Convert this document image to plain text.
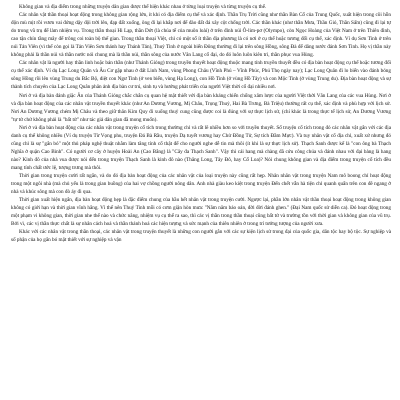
Không gian và địa điểm trong những truyện dân gian được thể hiện khác nhau ở từng loại truyện và từng truyện cụ thể.

Các nhân vật thần thoại hoạt động trong không gian rộng lớn, ít khi có địa điểm cụ thể và xác định. Thần Trụ Trời cũng như thần Bàn Cổ của Trung Quốc, xuất hiện trong cõi hỗn độn mù mịt rồi vươn vai đứng dậy đội trời lên, đạp đất xuống, ông đi lại khắp nơi để đào đất đá xây cột chống trời. Các thần khác (như thần Mưa, Thần Gió, Thần Sấm) cũng đi lại tự do trong vũ trụ để làm nhiệm vụ. Trong thần thoại Hi Lạp, thần Dớt (là chúa tể của muôn loài) ở trên đỉnh núi Ô-lim-pơ (Olympo), còn Ngọc Hoàng của Việt Nam ở trên Thiên đình, cao tận chín tầng mây để trông coi toàn bộ thế gian. Trong thần thoại Việt, chỉ có một số ít thần địa phương là có nơi ở cụ thể hoặc tương đối cụ thể, xác định. Ví dụ Sơn Tinh ở trên núi Tản Viên (vì thế còn gọi là Tản Viên Sơn thánh hay Thánh Tản), Thuỷ Tinh ở ngoài biển Đông thường đi lại trên sông Hồng, sông Đà để dâng nước đánh Sơn Tinh. Họ vị thần này không phải là thần núi và thần nước nói chung mà là thần núi, thần sông của nước Văn Lang cổ đại, do đó luôn luôn kiên trì, thần phục vua Hùng.

Các nhân vật là người hay thần linh hoặc bán thần (như Thánh Gióng) trong truyền thuyết hoạt động thuộc mang tính truyền thuyết đều có địa bàn hoạt động cụ thể hoặc tương đối cụ thể xác định. Ví dụ Lạc Long Quân và Âu Cơ gặp nhau ở đất Linh Nam, vùng Phong Châu (Vĩnh Phú – Vĩnh Phúc, Phú Thọ ngày nay); Lạc Long Quân đi lo biển vào đánh bóng sông Hồng rồi lên vùng Trung du Bắc Bộ, diệt con Ngư Tinh (ở ven biển, vùng Hạ Long), con Hồ Tinh (ở vùng Hồ Tây) và con Mộc Tinh (ở vùng Trung du). Địa bàn hoạt động và sự thành tích chuyên của Lạc Long Quân phân ảnh địa bàn cư trú, sinh tụ và hướng phát triển của người Việt thời cổ đại nhiều nơi.

Nơi ở và địa bàn đánh giặc Ân của Thánh Gióng chắc chắn cụ quan hệ mật thiết với địa bàn kháng chiến chống xâm lược của người Việt thời Văn Lang của các vua Hùng. Nơi ở và địa bàn hoạt động của các nhân vật truyền thuyết khác (như An Dương Vương, Mị Châu, Trọng Thuỷ, Hai Bà Trưng, Bà Triệu) thường rất cụ thể, xác định và phù hợp với lịch sử. Nơi An Dương Vương chém Mị Châu và theo giữ thân Kim Quy đi xuống thuỷ cung cũng được coi là đúng với sự thực lịch sử, (chí khác là trong thực tế lịch sử, An Dương Vương "tự tử chứ không phải là "bất tử" như tác giả dân gian đã mong muốn).

Nơi ở và địa bàn hoạt động của các nhân vật trong truyện cổ tích trong thường chỉ và rất lẽ nhiều hơn so với truyền thuyết. Số truyện cổ tích trong đó các nhân vật gắn với các địa danh cụ thể không nhiều (Ví dụ truyện Từ Vọng phu, truyện Đá Bà Rầu, truyện Dạ tuyết vương hay Chử Đồng Tử, Sự tích Đầm Mực). Và tuy nhân vật cổ địa chỉ, xuất xứ nhưng đó cũng chỉ là sự "gắn bó" một thủ pháp nghệ thuật nhằm làm tăng tính cổ thật để cho người nghe dễ tin mà thôi (ít khi là sự thực lịch sử). Thạch Sanh được kể là "con ông bà Thạch Nghĩa ở quận Cao Bình". Có người cơ cây ở huyện Hoài An (Cao Bằng) là "Cây đa Thạch Sanh". Vậy thì cái hang mà chàng đã cứu công chúa và đánh nhau với đại bàng là hang nào? Kinh đô của nhà vua được nói đến trong truyện Thạch Sanh là kinh đô nào (Thăng Long, Tây Đô, hay Cổ Loa)? Nói chung không gian và địa điểm trong truyện cổ tích đều mang tính chất ước lệ, tượng trưng mà thôi.

Thời gian trong truyện cười rất ngắn, và do đó địa bàn hoạt động của các nhân vật của loại truyện này cũng rất hẹp. Nhân nhân vật trong truyện Nam mô boong chỉ hoạt động trong một ngôi nhà (mà chủ yếu là trong gian buồng) của hai vợ chồng người nông dân. Anh nhà giàu keo kiệt trong truyện Đến chết vẫn hà tiện chỉ quanh quẩn trên con đê ngang ở nhà và khúc sông mà con đò áy đi qua.

Thời gian xuất hiện ngắn, địa bàn hoạt động hẹp là đặc điểm chung của hầu hết nhân vật trong truyện cười. Ngược lại, phần lớn nhân vật thần thoại hoạt động trong không gian không có giới hạn và thời gian vĩnh hằng. Vì thế nên Thuỷ Tinh mỗi có cơm giận hòn mưa: "Năm năm báo oán, đời đời đánh ghen." (Đại Nam quốc sử diễn ca). Đó hoạt động trong một phạm vi không gian, thời gian nhe thế nào và chức năng, nhiệm vụ cụ thể ra sao, thì các vị thần trong thần thoại cũng bất tử và trường tồn với thời gian và không gian của vũ trụ. Bởi vì, các vị thần thực chất là sự nhân cách hoá và thần thánh hoá các hiện tượng và sức mạnh của thiên nhiên ở trong trí tưởng tượng của người xưa.

Khác với các nhân vật trong thần thoại, các nhân vật trong truyện thuyết là những con người gắn với các sự kiện lịch sử trong đại của quốc gia, dân tộc hay bộ tộc. Sự nghiệp và số phận của họ gắn bó mật thiết với sự nghiệp và vận
